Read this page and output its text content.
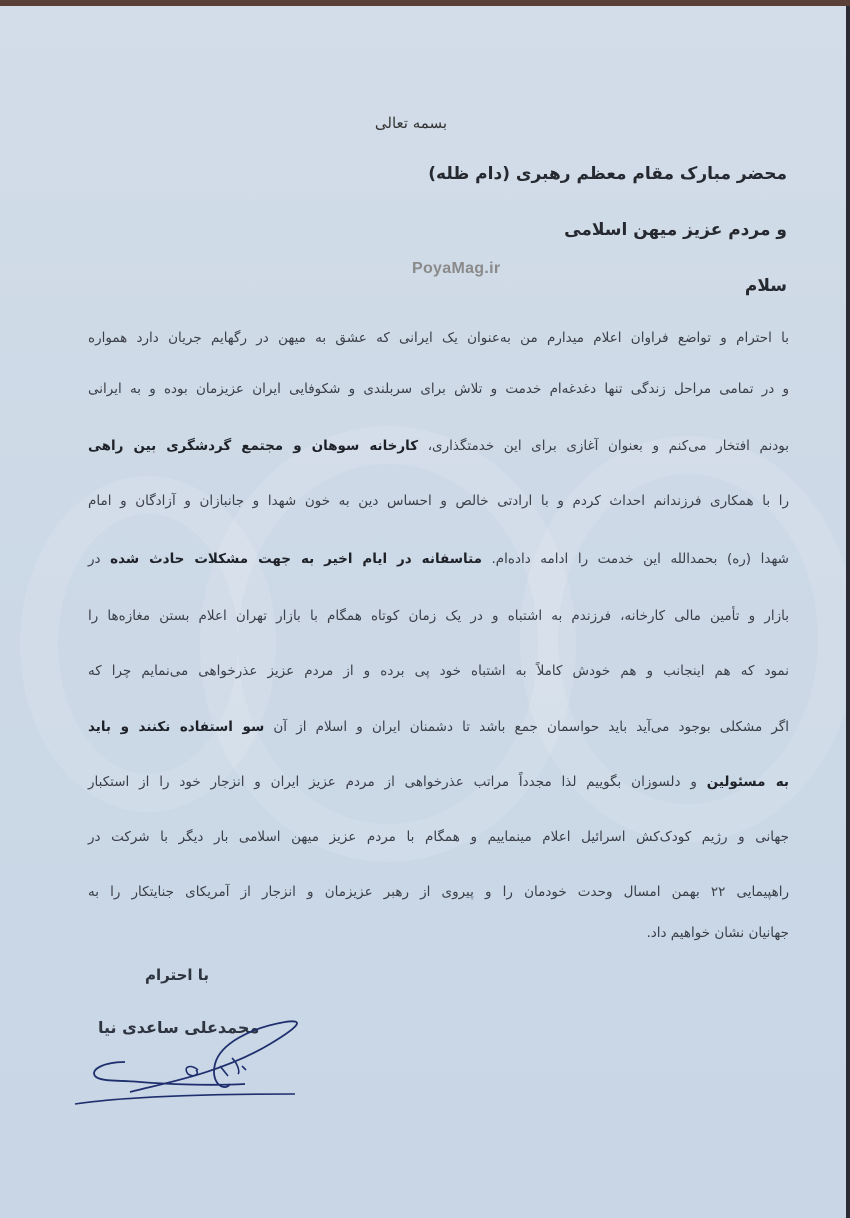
بسمه تعالی
محضر مبارک مقام معظم رهبری (دام ظله)
و مردم عزیز میهن اسلامی
PoyaMag.ir
سلام
با احترام و تواضع فراوان اعلام میدارم من به‌عنوان یک ایرانی که عشق به میهن در رگهایم جریان دارد همواره
و در تمامی مراحل زندگی تنها دغدغه‌ام خدمت و تلاش برای سربلندی و شکوفایی ایران عزیزمان بوده و به ایرانی
بودنم افتخار می‌کنم و بعنوان آغازی برای این خدمتگذاری، کارخانه سوهان و مجتمع گردشگری بین راهی
را با همکاری فرزندانم احداث کردم و با ارادتی خالص و احساس دین به خون شهدا و جانبازان و آزادگان و امام
شهدا (ره) بحمدالله این خدمت را ادامه داده‌ام. متاسفانه در ایام اخیر به جهت مشکلات حادث شده در
بازار و تأمین مالی کارخانه، فرزندم به اشتباه و در یک زمان کوتاه همگام با بازار تهران اعلام بستن مغازه‌ها را
نمود که هم اینجانب و هم خودش کاملاً به اشتباه خود پی برده و از مردم عزیز عذرخواهی می‌نمایم چرا که
اگر مشکلی بوجود می‌آید باید حواسمان جمع باشد تا دشمنان ایران و اسلام از آن سو استفاده نکنند و باید
به مسئولین و دلسوزان بگوییم لذا مجدداً مراتب عذرخواهی از مردم عزیز ایران و انزجار خود را از استکبار
جهانی و رژیم کودک‌کش اسرائیل اعلام مینماییم و همگام با مردم عزیز میهن اسلامی بار دیگر با شرکت در
راهپیمایی ۲۲ بهمن امسال وحدت خودمان را و پیروی از رهبر عزیزمان و انزجار از آمریکای جنایتکار را به
جهانیان نشان خواهیم داد.
با احترام
محمدعلی ساعدی نیا
